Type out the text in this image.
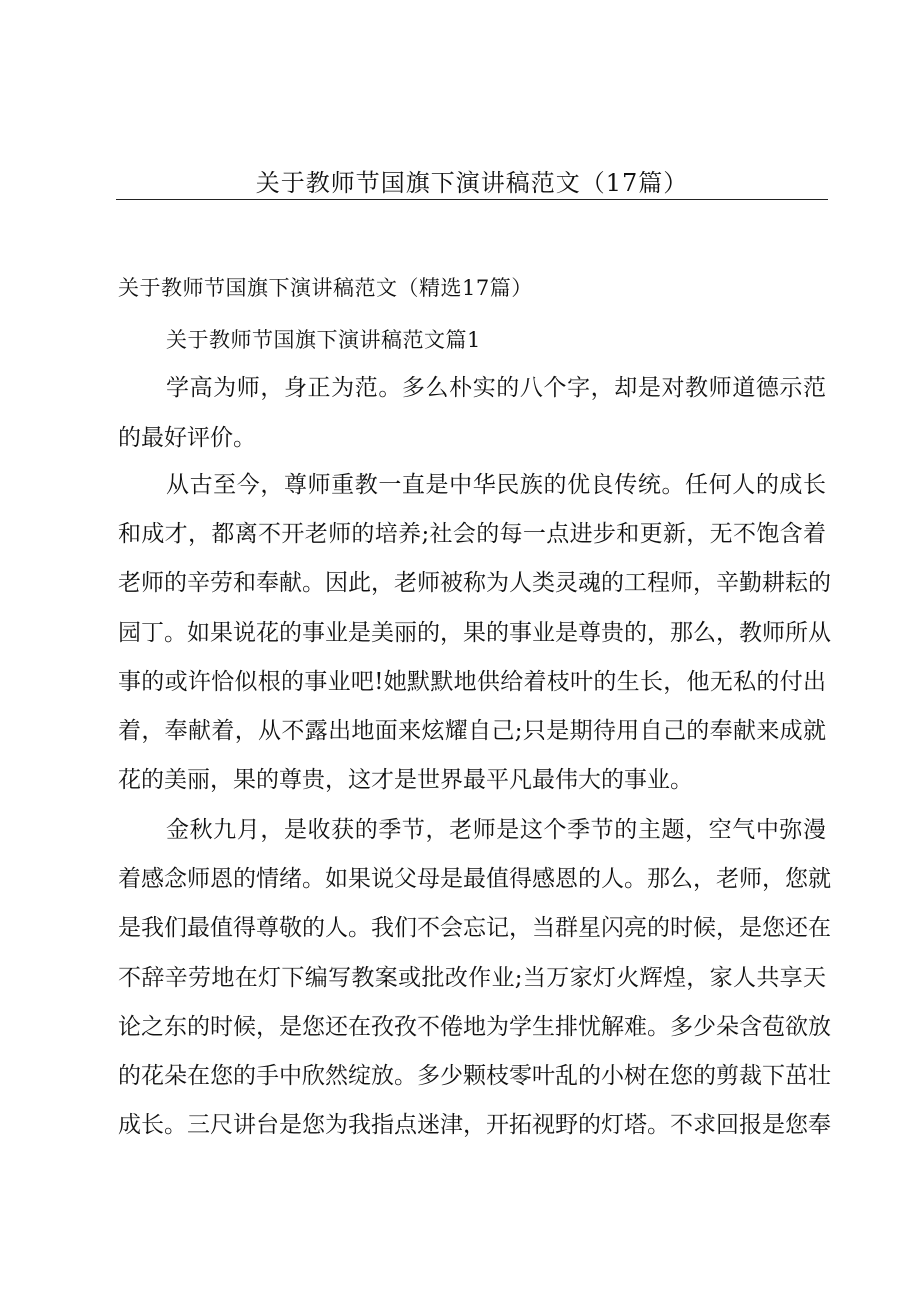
关于教师节国旗下演讲稿范文（17篇）
关于教师节国旗下演讲稿范文（精选17篇）
关于教师节国旗下演讲稿范文篇1
学高为师，身正为范。多么朴实的八个字，却是对教师道德示范
的最好评价。
从古至今，尊师重教一直是中华民族的优良传统。任何人的成长
和成才，都离不开老师的培养;社会的每一点进步和更新，无不饱含着
老师的辛劳和奉献。因此，老师被称为人类灵魂的工程师，辛勤耕耘的
园丁。如果说花的事业是美丽的，果的事业是尊贵的，那么，教师所从
事的或许恰似根的事业吧!她默默地供给着枝叶的生长，他无私的付出
着，奉献着，从不露出地面来炫耀自己;只是期待用自己的奉献来成就
花的美丽，果的尊贵，这才是世界最平凡最伟大的事业。
金秋九月，是收获的季节，老师是这个季节的主题，空气中弥漫
着感念师恩的情绪。如果说父母是最值得感恩的人。那么，老师，您就
是我们最值得尊敬的人。我们不会忘记，当群星闪亮的时候，是您还在
不辞辛劳地在灯下编写教案或批改作业;当万家灯火辉煌，家人共享天
论之东的时候，是您还在孜孜不倦地为学生排忧解难。多少朵含苞欲放
的花朵在您的手中欣然绽放。多少颗枝零叶乱的小树在您的剪裁下茁壮
成长。三尺讲台是您为我指点迷津，开拓视野的灯塔。不求回报是您奉
